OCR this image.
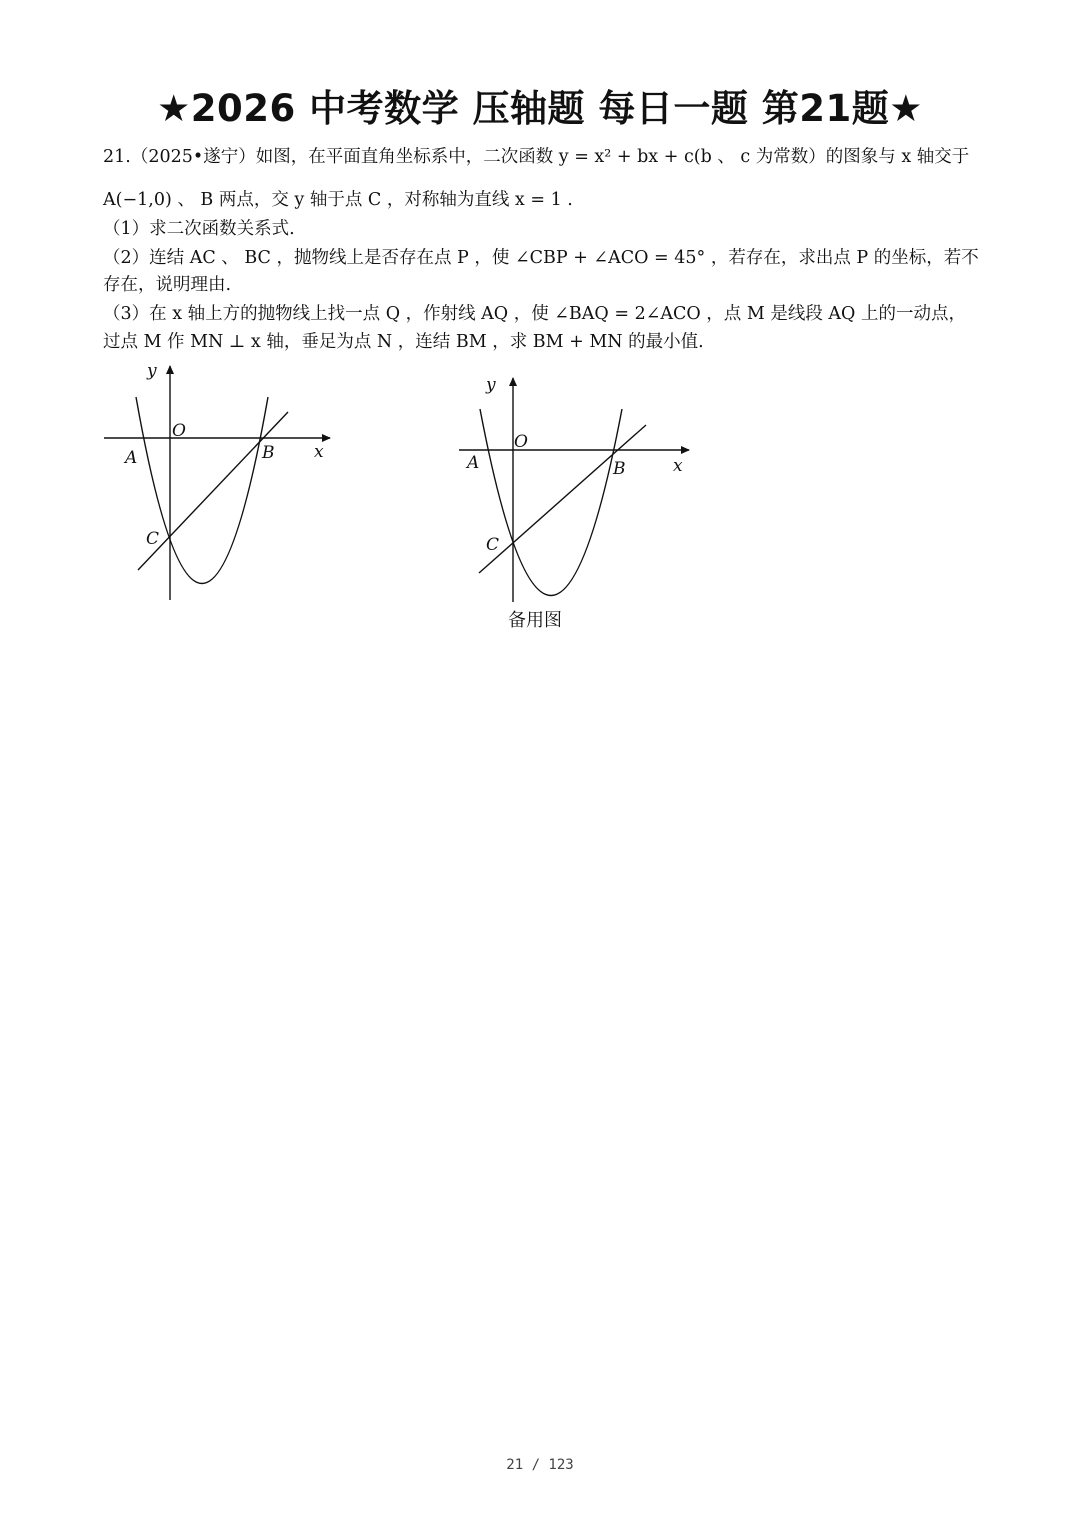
★2026 中考数学 压轴题 每日一题 第21题★
21.（2025•遂宁）如图，在平面直角坐标系中，二次函数 y = x² + bx + c(b 、 c 为常数）的图象与 x 轴交于
A(−1,0) 、 B 两点，交 y 轴于点 C ，对称轴为直线 x = 1 .
（1）求二次函数关系式.
（2）连结 AC 、 BC ，抛物线上是否存在点 P ，使 ∠CBP + ∠ACO = 45° ，若存在，求出点 P 的坐标，若不
存在，说明理由.
（3）在 x 轴上方的抛物线上找一点 Q ，作射线 AQ ，使 ∠BAQ = 2∠ACO ，点 M 是线段 AQ 上的一动点，
过点 M 作 MN ⊥ x 轴，垂足为点 N ，连结 BM ，求 BM + MN 的最小值.
y
O
A	B x
C
y
O
A	B	x
C
备用图
21 / 123
